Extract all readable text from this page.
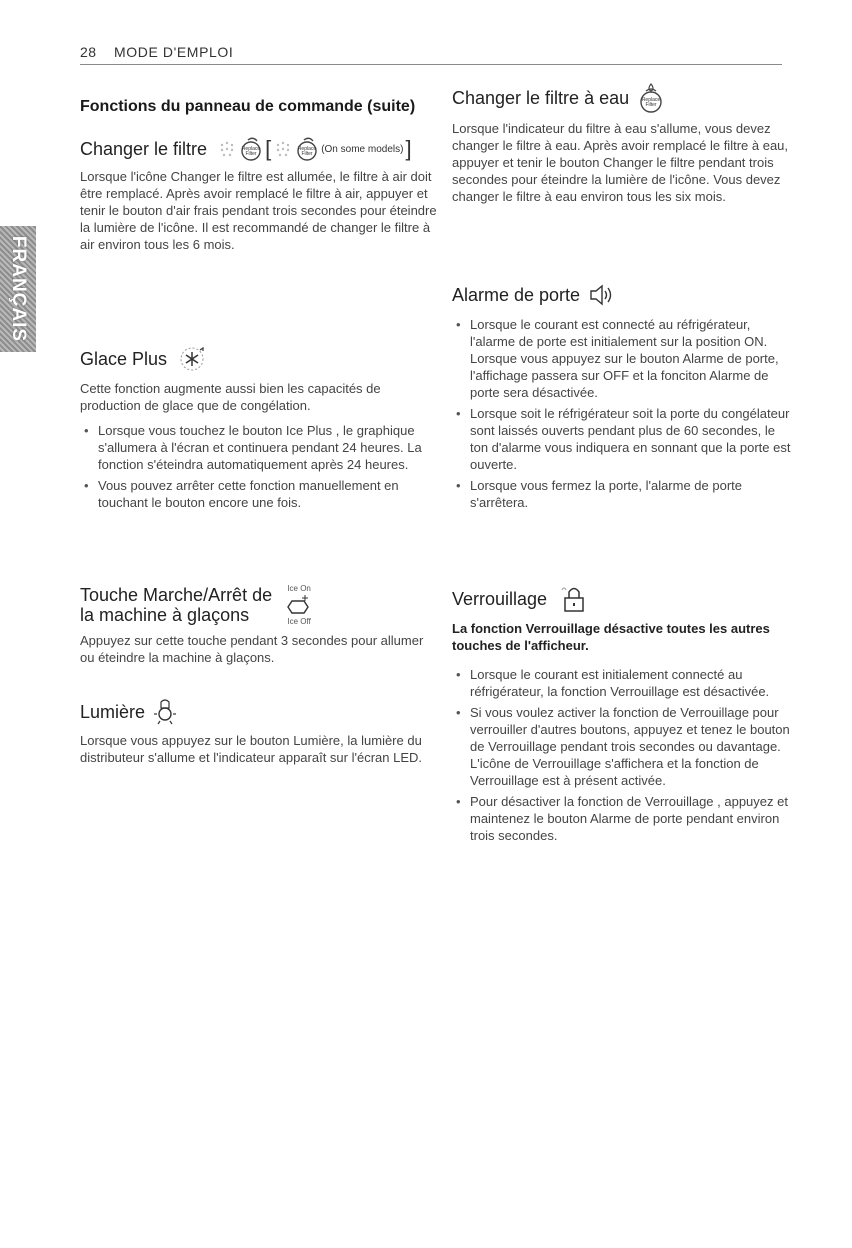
28 MODE D'EMPLOI
FRANÇAIS
Fonctions du panneau de commande (suite)
Changer le filtre	Replace
Filter [	Replace
Filter (On some models) ]

Lorsque l'icône Changer le filtre est allumée, le filtre à air doit être remplacé. Après avoir remplacé le filtre à air, appuyer et tenir le bouton d'air frais pendant trois secondes pour éteindre la lumière de l'icône. Il est recommandé de changer le filtre à air environ tous les 6 mois.

Glace Plus

Cette fonction augmente aussi bien les capacités de production de glace que de congélation.

• Lorsque vous touchez le bouton Ice Plus , le graphique s'allumera à l'écran et continuera pendant 24 heures. La fonction s'éteindra automatiquement après 24 heures.
• Vous pouvez arrêter cette fonction manuellement en touchant le bouton encore une fois.
Touche Marche/Arrêt de
la machine à glaçons
Ice On
Ice Off

Appuyez sur cette touche pendant 3 secondes pour allumer ou éteindre la machine à glaçons.

Lumière

Lorsque vous appuyez sur le bouton Lumière, la lumière du distributeur s'allume et l'indicateur apparaît sur l'écran LED.

Changer le filtre à eau	Replace
Filter

Lorsque l'indicateur du filtre à eau s'allume, vous devez changer le filtre à eau. Après avoir remplacé le filtre à eau, appuyer et tenir le bouton Changer le filtre pendant trois secondes pour éteindre la lumière de l'icône. Vous devez changer le filtre à eau environ tous les six mois.

Alarme de porte
• Lorsque le courant est connecté au réfrigérateur, l'alarme de porte est initialement sur la position ON. Lorsque vous appuyez sur le bouton Alarme de porte, l'affichage passera sur OFF et la fonciton Alarme de porte sera désactivée.
• Lorsque soit le réfrigérateur soit la porte du congélateur sont laissés ouverts pendant plus de 60 secondes, le ton d'alarme vous indiquera en sonnant que la porte est ouverte.
• Lorsque vous fermez la porte, l'alarme de porte s'arrêtera.
Verrouillage

La fonction Verrouillage désactive toutes les autres touches de l'afficheur.

• Lorsque le courant est initialement connecté au réfrigérateur, la fonction Verrouillage est désactivée.
• Si vous voulez activer la fonction de Verrouillage pour verrouiller d'autres boutons, appuyez et tenez le bouton de Verrouillage pendant trois secondes ou davantage. L'icône de Verrouillage s'affichera et la fonction de Verrouillage est à présent activée.
• Pour désactiver la fonction de Verrouillage , appuyez et maintenez le bouton Alarme de porte pendant environ trois secondes.
